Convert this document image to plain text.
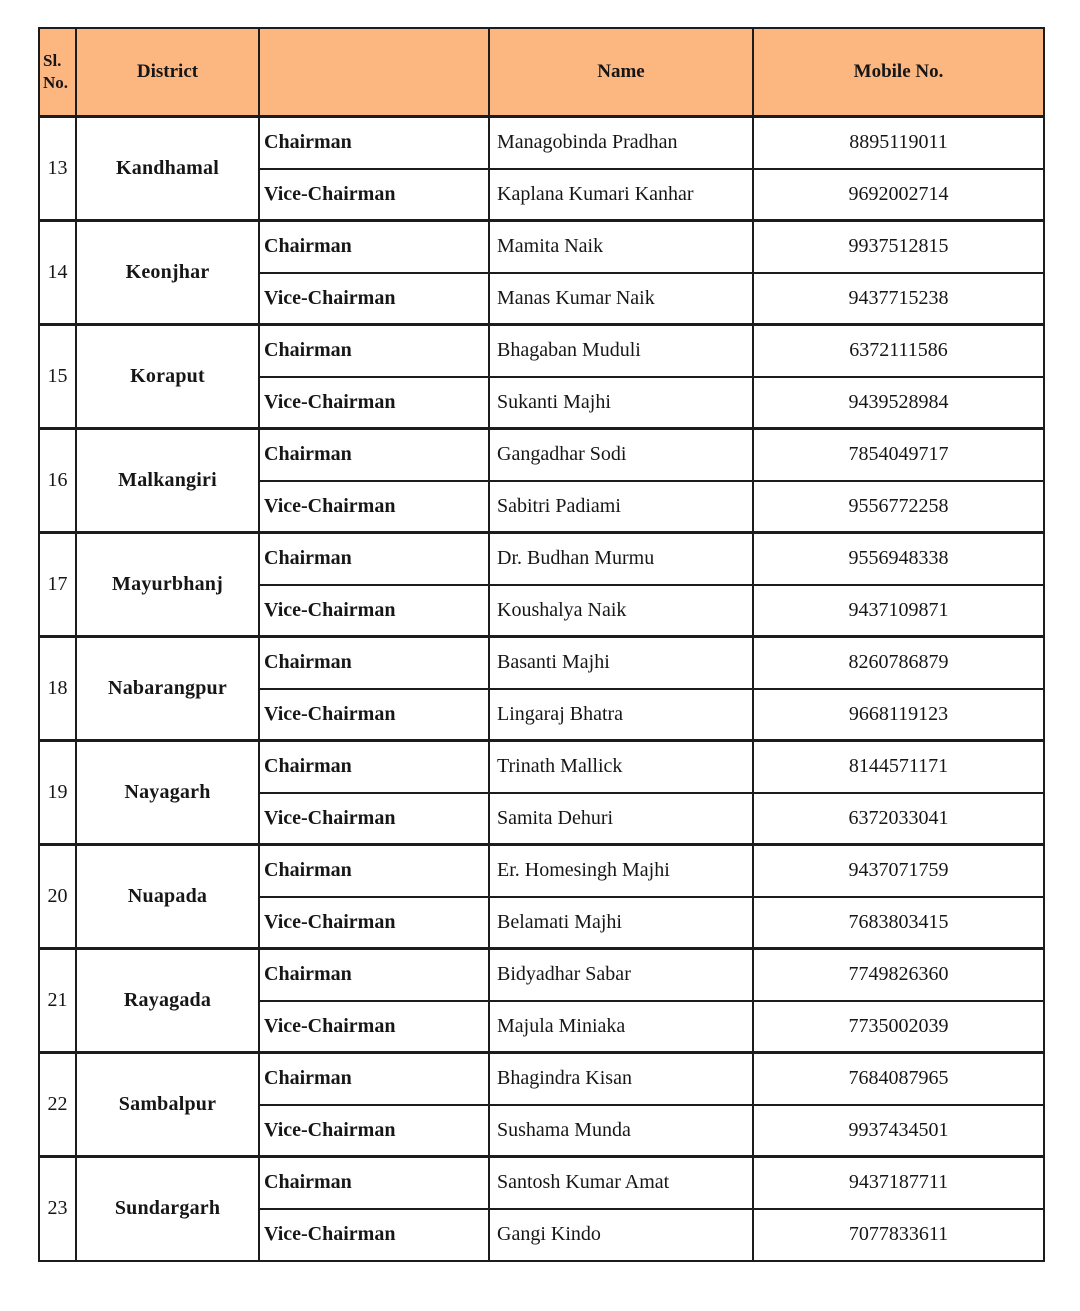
Sl.
No.	District		Name	Mobile No.
13	Kandhamal	Chairman	Managobinda Pradhan	8895119011
		Vice-Chairman	Kaplana Kumari Kanhar	9692002714
14	Keonjhar	Chairman	Mamita Naik	9937512815
		Vice-Chairman	Manas Kumar Naik	9437715238
15	Koraput	Chairman	Bhagaban Muduli	6372111586
		Vice-Chairman	Sukanti Majhi	9439528984
16	Malkangiri	Chairman	Gangadhar Sodi	7854049717
		Vice-Chairman	Sabitri Padiami	9556772258
17	Mayurbhanj	Chairman	Dr. Budhan Murmu	9556948338
		Vice-Chairman	Koushalya Naik	9437109871
18	Nabarangpur	Chairman	Basanti Majhi	8260786879
		Vice-Chairman	Lingaraj Bhatra	9668119123
19	Nayagarh	Chairman	Trinath Mallick	8144571171
		Vice-Chairman	Samita Dehuri	6372033041
20	Nuapada	Chairman	Er. Homesingh Majhi	9437071759
		Vice-Chairman	Belamati Majhi	7683803415
21	Rayagada	Chairman	Bidyadhar Sabar	7749826360
		Vice-Chairman	Majula Miniaka	7735002039
22	Sambalpur	Chairman	Bhagindra Kisan	7684087965
		Vice-Chairman	Sushama Munda	9937434501
23	Sundargarh	Chairman	Santosh Kumar Amat	9437187711
		Vice-Chairman	Gangi Kindo	7077833611
